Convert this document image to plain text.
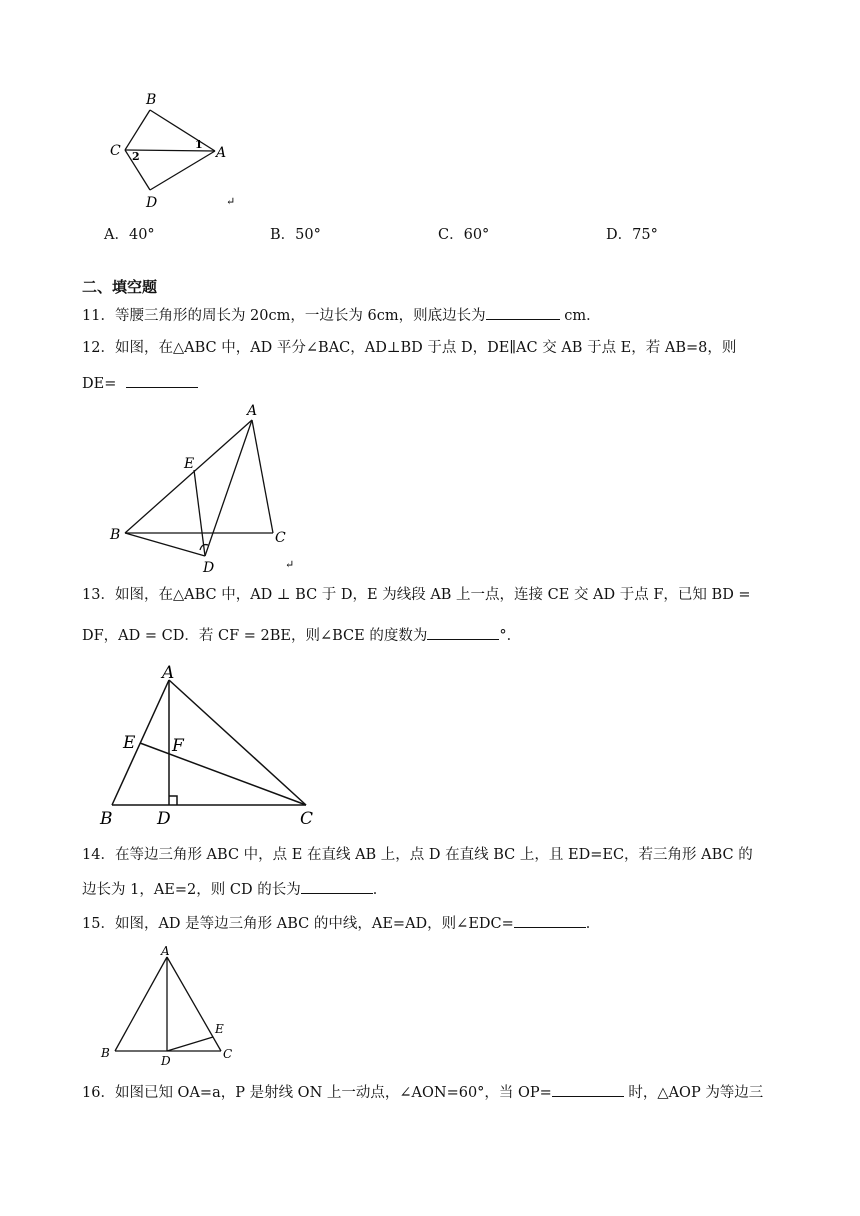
B
C	A
D
1
2
↵
A．40°	B．50°	C．60°	D．75°
二、填空题
11．等腰三角形的周长为 20cm，一边长为 6cm，则底边长为	cm．
12．如图，在△ABC 中，AD 平分∠BAC，AD⊥BD 于点 D，DE∥AC 交 AB 于点 E，若 AB=8，则
DE=
A
E
B	C
D	↵
13．如图，在△ABC 中，AD ⊥ BC 于 D，E 为线段 AB 上一点，连接 CE 交 AD 于点 F，已知 BD =
DF，AD = CD．若 CF = 2BE，则∠BCE 的度数为	°．
A
E F
B	D	C
14．在等边三角形 ABC 中，点 E 在直线 AB 上，点 D 在直线 BC 上，且 ED=EC，若三角形 ABC 的
边长为 1，AE=2，则 CD 的长为	．
15．如图，AD 是等边三角形 ABC 的中线，AE=AD，则∠EDC=	．
A
B
D
E
C
16．如图已知 OA=a，P 是射线 ON 上一动点，∠AON=60°，当 OP=	时，△AOP 为等边三
